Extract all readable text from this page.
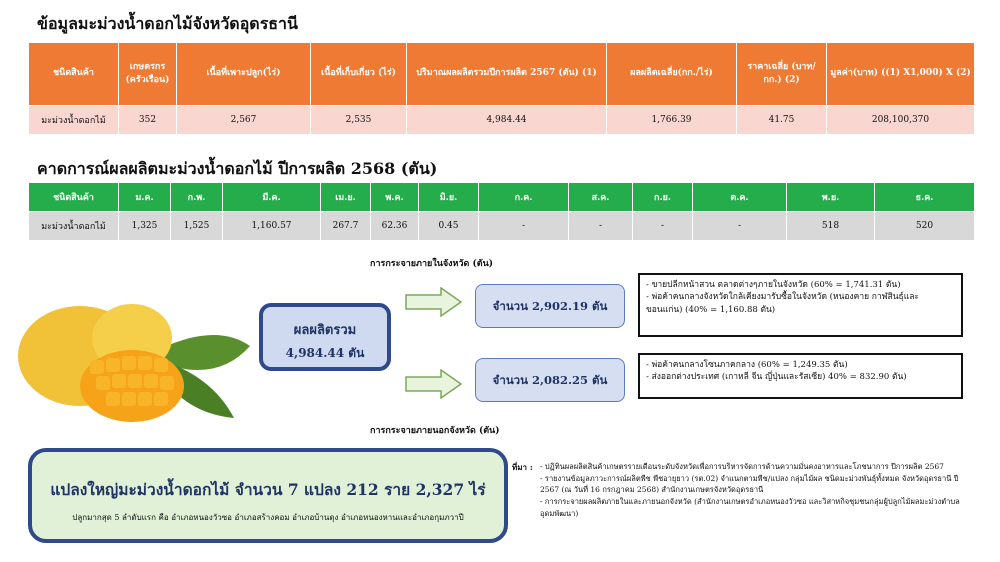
ข้อมูลมะม่วงน้ำดอกไม้จังหวัดอุดรธานี
ชนิดสินค้า	เกษตรกร (ครัวเรือน)	เนื้อที่เพาะปลูก(ไร่)	เนื้อที่เก็บเกี่ยว (ไร่)	ปริมาณผลผลิตรวมปีการผลิต 2567 (ตัน) (1)	ผลผลิตเฉลี่ย(กก./ไร่)	ราคาเฉลี่ย (บาท/กก.) (2)	มูลค่า(บาท) ((1) X1,000) X (2)
มะม่วงน้ำดอกไม้	352	2,567	2,535	4,984.44	1,766.39	41.75	208,100,370
คาดการณ์ผลผลิตมะม่วงน้ำดอกไม้ ปีการผลิต 2568 (ตัน)
ชนิดสินค้า	ม.ค.	ก.พ.	มี.ค.	เม.ย.	พ.ค.	มิ.ย.	ก.ค.	ส.ค.	ก.ย.	ต.ค.	พ.ย.	ธ.ค.
มะม่วงน้ำดอกไม้	1,325	1,525	1,160.57	267.7	62.36	0.45	-	-	-	-	518	520
การกระจายภายในจังหวัด (ตัน)
ผลผลิตรวม
4,984.44 ตัน
จำนวน 2,902.19 ตัน
จำนวน 2,082.25 ตัน
- ขายปลีกหน้าสวน ตลาดต่างๆภายในจังหวัด (60% = 1,741.31 ตัน)
- พ่อค้าคนกลางจังหวัดใกล้เคียงมารับซื้อในจังหวัด (หนองคาย กาฬสินธุ์และขอนแก่น) (40% = 1,160.88 ตัน)
- พ่อค้าคนกลางโซนภาคกลาง (60% = 1,249.35 ตัน)
- ส่งออกต่างประเทศ (เกาหลี จีน ญี่ปุ่นและรัสเซีย) 40% = 832.90 ตัน)
การกระจายภายนอกจังหวัด (ตัน)
แปลงใหญ่มะม่วงน้ำดอกไม้ จำนวน 7 แปลง 212 ราย 2,327 ไร่
ปลูกมากสุด 5 ลำดับแรก คือ อำเภอหนองวัวซอ อำเภอสร้างคอม อำเภอบ้านดุง อำเภอหนองหานและอำเภอกุมภวาปี
ที่มา : - ปฏิทินผลผลิตสินค้าเกษตรรายเดือนระดับจังหวัดเพื่อการบริหารจัดการด้านความมั่นคงอาหารและโภชนาการ ปีการผลิต 2567
- รายงานข้อมูลภาวะการณ์ผลิตพืช พืชอายุยาว (รต.02) จำแนกตามพืช/แปลง กลุ่มไม้ผล ชนิดมะม่วงพันธุ์ทั้งหมด จังหวัดอุดรธานี ปี 2567 (ณ วันที่ 16 กรกฎาคม 2568) สำนักงานเกษตรจังหวัดอุดรธานี
- การกระจายผลผลิตภายในและภายนอกจังหวัด (สำนักงานเกษตรอำเภอหนองวัวซอ และวิสาหกิจชุมชนกลุ่มผู้ปลูกไม้ผลมะม่วงตำบลอุดมพัฒนา)
